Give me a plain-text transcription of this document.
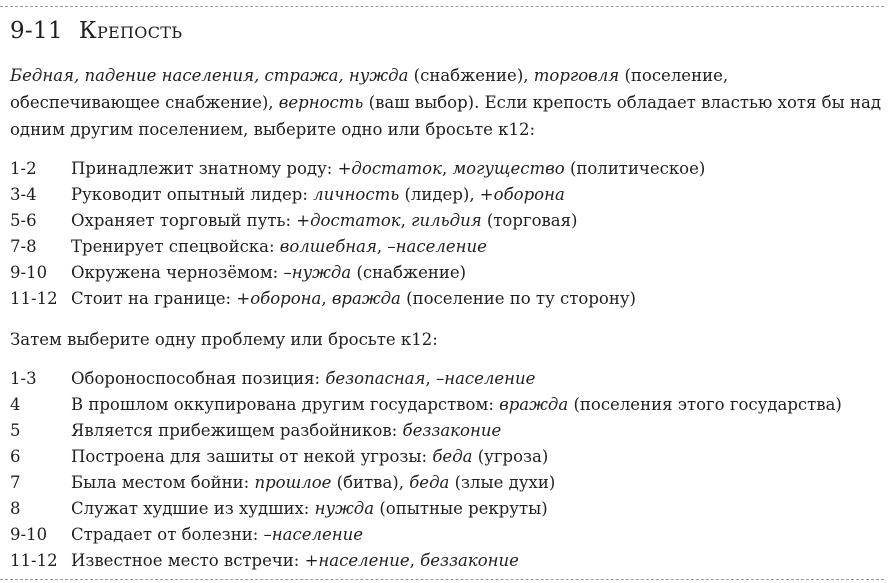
9-11 Крепость

Бедная, падение населения, стража, нужда (снабжение), торговля (поселение, обеспечивающее снабжение), верность (ваш выбор). Если крепость обладает властью хотя бы над одним другим поселением, выберите одно или бросьте к12:

1-2 Принадлежит знатному роду: +достаток, могущество (политическое)
3-4 Руководит опытный лидер: личность (лидер), +оборона
5-6 Охраняет торговый путь: +достаток, гильдия (торговая)
7-8 Тренирует спецвойска: волшебная, –население
9-10 Окружена чернозёмом: –нужда (снабжение)
11-12 Стоит на границе: +оборона, вражда (поселение по ту сторону)
Затем выберите одну проблему или бросьте к12:
1-3 Обороноспособная позиция: безопасная, –население
4	В прошлом оккупирована другим государством: вражда (поселения этого государства)
5	Является прибежищем разбойников: беззаконие
6	Построена для зашиты от некой угрозы: беда (угроза)
7	Была местом бойни: прошлое (битва), беда (злые духи)
8	Служат худшие из худших: нужда (опытные рекруты)
9-10 Страдает от болезни: –население
11-12 Известное место встречи: +население, беззаконие
